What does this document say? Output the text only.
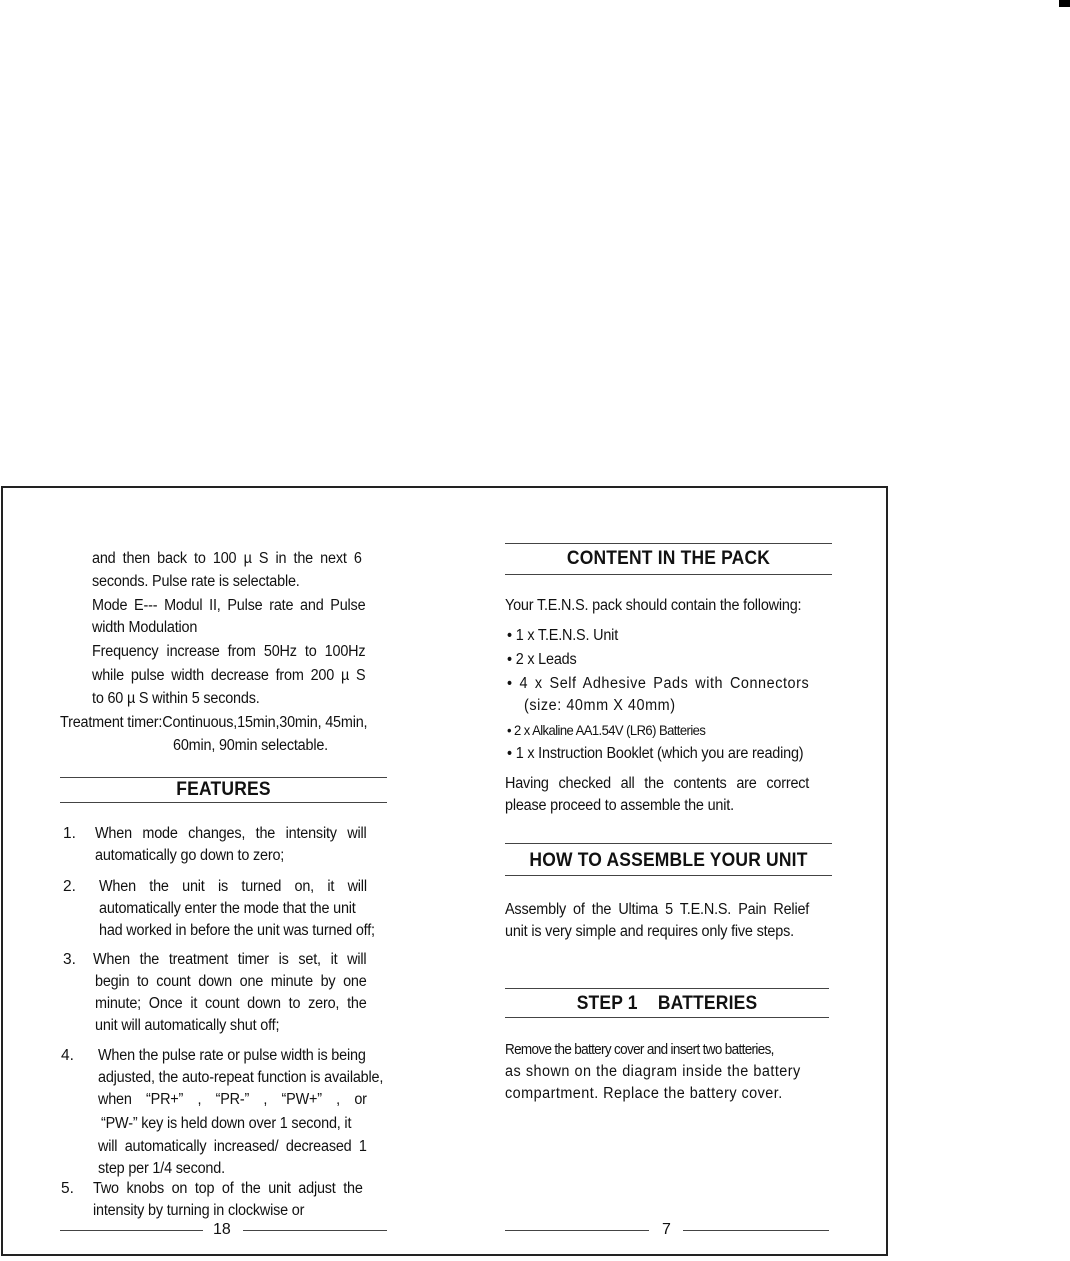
and then back to 100 µ S in the next 6
seconds. Pulse rate is selectable.
Mode E--- Modul II, Pulse rate and Pulse
width Modulation
Frequency increase from 50Hz to 100Hz
while pulse width decrease from 200 µ S
to 60 µ S within 5 seconds.
Treatment timer:Continuous,15min,30min, 45min,
60min, 90min selectable.
FEATURES
1. When mode changes, the intensity will
automatically go down to zero;
2. When the unit is turned on, it will
automatically enter the mode that the unit
had worked in before the unit was turned off;
3. When the treatment timer is set, it will
begin to count down one minute by one
minute; Once it count down to zero, the
unit will automatically shut off;
4. When the pulse rate or pulse width is being
adjusted, the auto-repeat function is available,
when “PR+” , “PR-” , “PW+” , or
“PW-” key is held down over 1 second, it
will automatically increased/ decreased 1
step per 1/4 second.
5. Two knobs on top of the unit adjust the
intensity by turning in clockwise or
18
CONTENT IN THE PACK
Your T.E.N.S. pack should contain the following:
• 1 x T.E.N.S. Unit
• 2 x Leads
• 4 x Self Adhesive Pads with Connectors
(size: 40mm X 40mm)
• 2 x Alkaline AA1.54V (LR6) Batteries
• 1 x Instruction Booklet (which you are reading)
Having checked all the contents are correct
please proceed to assemble the unit.
HOW TO ASSEMBLE YOUR UNIT
Assembly of the Ultima 5 T.E.N.S. Pain Relief
unit is very simple and requires only five steps.
STEP 1    BATTERIES
Remove the battery cover and insert two batteries,
as shown on the diagram inside the battery
compartment. Replace the battery cover.
7
